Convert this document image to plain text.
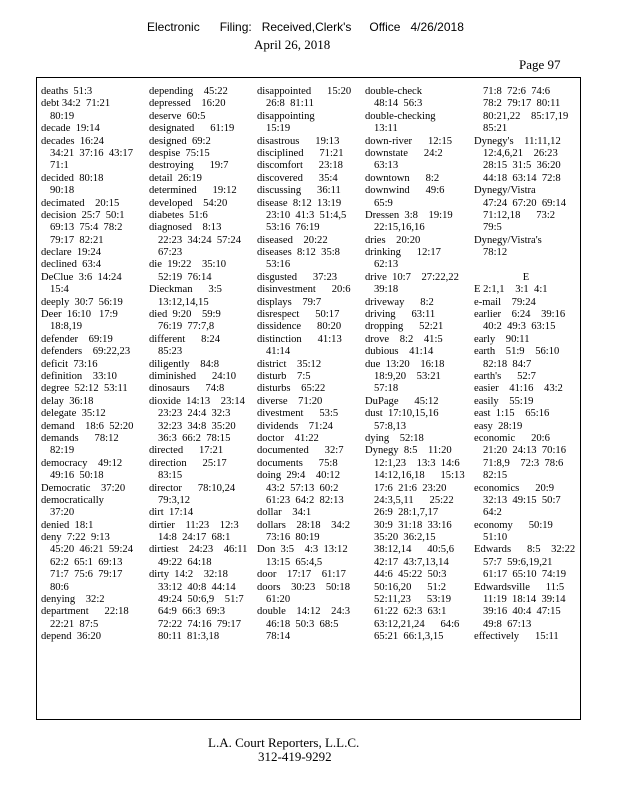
Electronic Filing: Received,Clerk's Office 4/26/2018
April 26, 2018
Page 97
deaths  51:3
debt 34:2  71:21
80:19
decade  19:14
decades  16:24
34:21  37:16  43:17
71:1
decided  80:18
90:18
decimated    20:15
decision  25:7  50:1
69:13  75:4  78:2
79:17  82:21
declare  19:24
declined  63:4
DeClue  3:6  14:24
15:4
deeply  30:7  56:19
Deer  16:10   17:9
18:8,19
defender    69:19
defenders    69:22,23
deficit  73:16
definition    33:10
degree  52:12  53:11
delay  36:18
delegate  35:12
demand    18:6  52:20
demands      78:12
82:19
democracy    49:12
49:16  50:18
Democratic    37:20
democratically
37:20
denied  18:1
deny  7:22  9:13
45:20  46:21  59:24
62:2  65:1  69:13
71:7  75:6  79:17
80:6
denying    32:2
department      22:18
22:21  87:5
depend  36:20
depending    45:22
depressed    16:20
deserve  60:5
designated      61:19
designed  69:2
despise  75:15
destroying      19:7
detail  26:19
determined      19:12
developed    54:20
diabetes  51:6
diagnosed    8:13
22:23  34:24  57:24
67:23
die  19:22    35:10
52:19  76:14
Dieckman      3:5
13:12,14,15
died  9:20    59:9
76:19  77:7,8
different      8:24
85:23
diligently    84:8
diminished      24:10
dinosaurs      74:8
dioxide  14:13    23:14
23:23  24:4  32:3
32:23  34:8  35:20
36:3  66:2  78:15
directed      17:21
direction      25:17
83:15
director      78:10,24
79:3,12
dirt  17:14
dirtier    11:23    12:3
14:8  24:17  68:1
dirtiest    24:23    46:11
49:22  64:18
dirty  14:2    32:18
33:12  40:8  44:14
49:24  50:6,9    51:7
64:9  66:3  69:3
72:22  74:16  79:17
80:11  81:3,18
disappointed      15:20
26:8  81:11
disappointing
15:19
disastrous      19:13
disciplined      71:21
discomfort      23:18
discovered      35:4
discussing      36:11
disease  8:12  13:19
23:10  41:3  51:4,5
53:16  76:19
diseased    20:22
diseases  8:12  35:8
53:16
disgusted      37:23
disinvestment      20:6
displays    79:7
disrespect      50:17
dissidence      80:20
distinction      41:13
41:14
district    35:12
disturb    7:5
disturbs    65:22
diverse    71:20
divestment      53:5
dividends    71:24
doctor    41:22
documented      32:7
documents      75:8
doing  29:4    40:12
43:2  57:13  60:2
61:23  64:2  82:13
dollar    34:1
dollars    28:18    34:2
73:16  80:19
Don  3:5    4:3  13:12
13:15  65:4,5
door    17:17    61:17
doors    30:23    50:18
61:20
double    14:12    24:3
46:18  50:3  68:5
78:14
double-check
48:14  56:3
double-checking
13:11
down-river      12:15
downstate      24:2
63:13
downtown      8:2
downwind      49:6
65:9
Dressen  3:8    19:19
22:15,16,16
dries    20:20
drinking      12:17
62:13
drive  10:7    27:22,22
39:18
driveway      8:2
driving      63:11
dropping      52:21
drove    8:2    41:5
dubious    41:14
due  13:20    16:18
18:9,20    53:21
57:18
DuPage      45:12
dust  17:10,15,16
57:8,13
dying    52:18
Dynegy  8:5    11:20
12:1,23    13:3  14:6
14:12,16,18      15:13
17:6  21:6  23:20
24:3,5,11      25:22
26:9  28:1,7,17
30:9  31:18  33:16
35:20  36:2,15
38:12,14      40:5,6
42:17  43:7,13,14
44:6  45:22  50:3
50:16,20      51:2
52:11,23      53:19
61:22  62:3  63:1
63:12,21,24      64:6
65:21  66:1,3,15
71:8  72:6  74:6
78:2  79:17  80:11
80:21,22    85:17,19
85:21
Dynegy's    11:11,12
12:4,6,21    26:23
28:15  31:5  36:20
44:18  63:14  72:8
Dynegy/Vistra
47:24  67:20  69:14
71:12,18      73:2
79:5
Dynegy/Vistra's
78:12
E
E 2:1,1    3:1  4:1
e-mail    79:24
earlier    6:24    39:16
40:2  49:3  63:15
early    90:11
earth    51:9    56:10
82:18  84:7
earth's      52:7
easier    41:16    43:2
easily    55:19
east  1:15    65:16
easy  28:19
economic      20:6
21:20  24:13  70:16
71:8,9    72:3  78:6
82:15
economics      20:9
32:13  49:15  50:7
64:2
economy      50:19
51:10
Edwards      8:5    32:22
57:7  59:6,19,21
61:17  65:10  74:19
Edwardsville      11:5
11:19  18:14  39:14
39:16  40:4  47:15
49:8  67:13
effectively      15:11
L.A. Court Reporters, L.L.C.
312-419-9292
